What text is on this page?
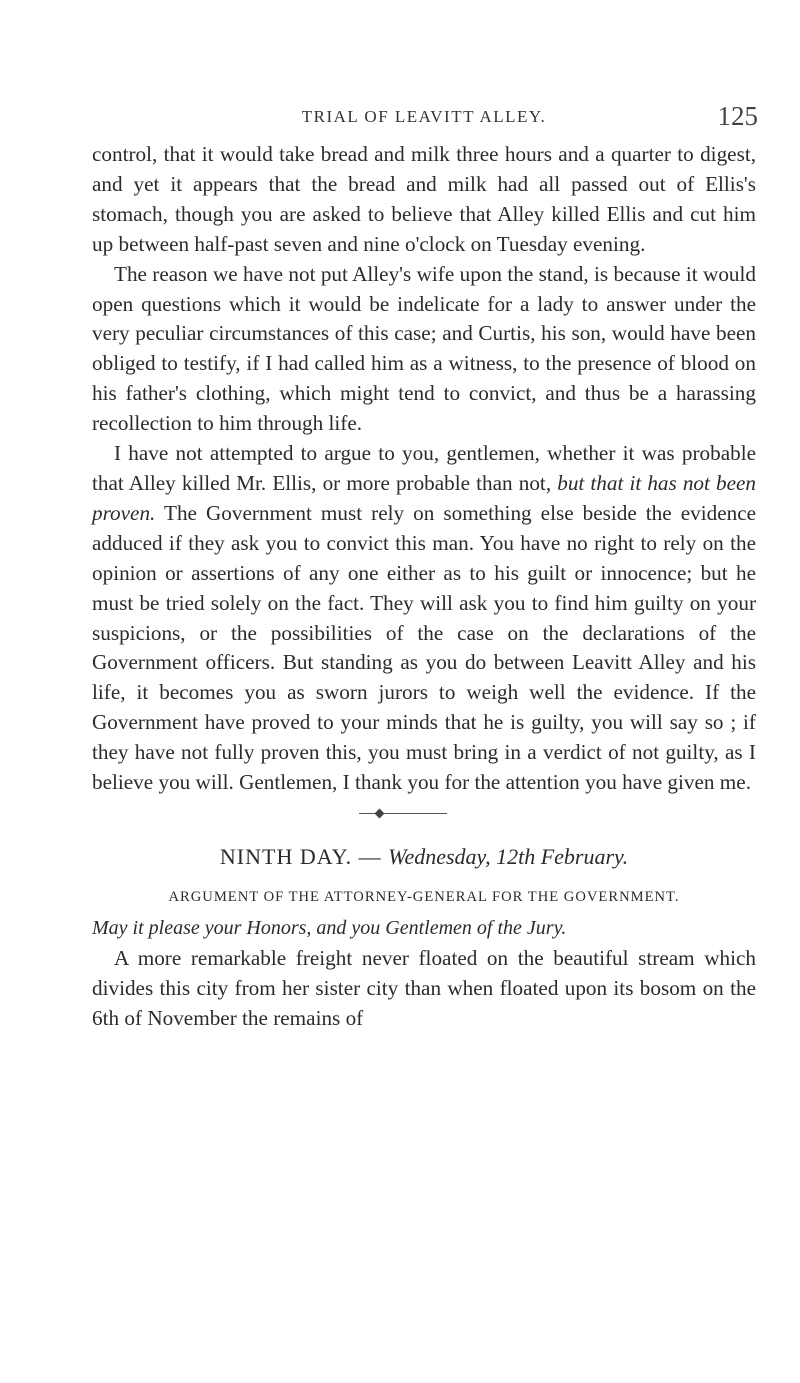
TRIAL OF LEAVITT ALLEY.	125

control, that it would take bread and milk three hours and a quarter to digest, and yet it appears that the bread and milk had all passed out of Ellis's stomach, though you are asked to believe that Alley killed Ellis and cut him up between half-past seven and nine o'clock on Tuesday evening.

The reason we have not put Alley's wife upon the stand, is because it would open questions which it would be indelicate for a lady to answer under the very peculiar circumstances of this case; and Curtis, his son, would have been obliged to testify, if I had called him as a witness, to the presence of blood on his father's clothing, which might tend to convict, and thus be a harassing recollection to him through life.

I have not attempted to argue to you, gentlemen, whether it was probable that Alley killed Mr. Ellis, or more probable than not, but that it has not been proven. The Government must rely on something else beside the evidence adduced if they ask you to convict this man. You have no right to rely on the opinion or assertions of any one either as to his guilt or innocence; but he must be tried solely on the fact. They will ask you to find him guilty on your suspicions, or the possibilities of the case on the declarations of the Government officers. But standing as you do between Leavitt Alley and his life, it becomes you as sworn jurors to weigh well the evidence. If the Government have proved to your minds that he is guilty, you will say so ; if they have not fully proven this, you must bring in a verdict of not guilty, as I believe you will. Gentlemen, I thank you for the attention you have given me.

NINTH DAY. — Wednesday, 12th February.
ARGUMENT OF THE ATTORNEY-GENERAL FOR THE GOVERNMENT.

May it please your Honors, and you Gentlemen of the Jury.

A more remarkable freight never floated on the beautiful stream which divides this city from her sister city than when floated upon its bosom on the 6th of November the remains of
